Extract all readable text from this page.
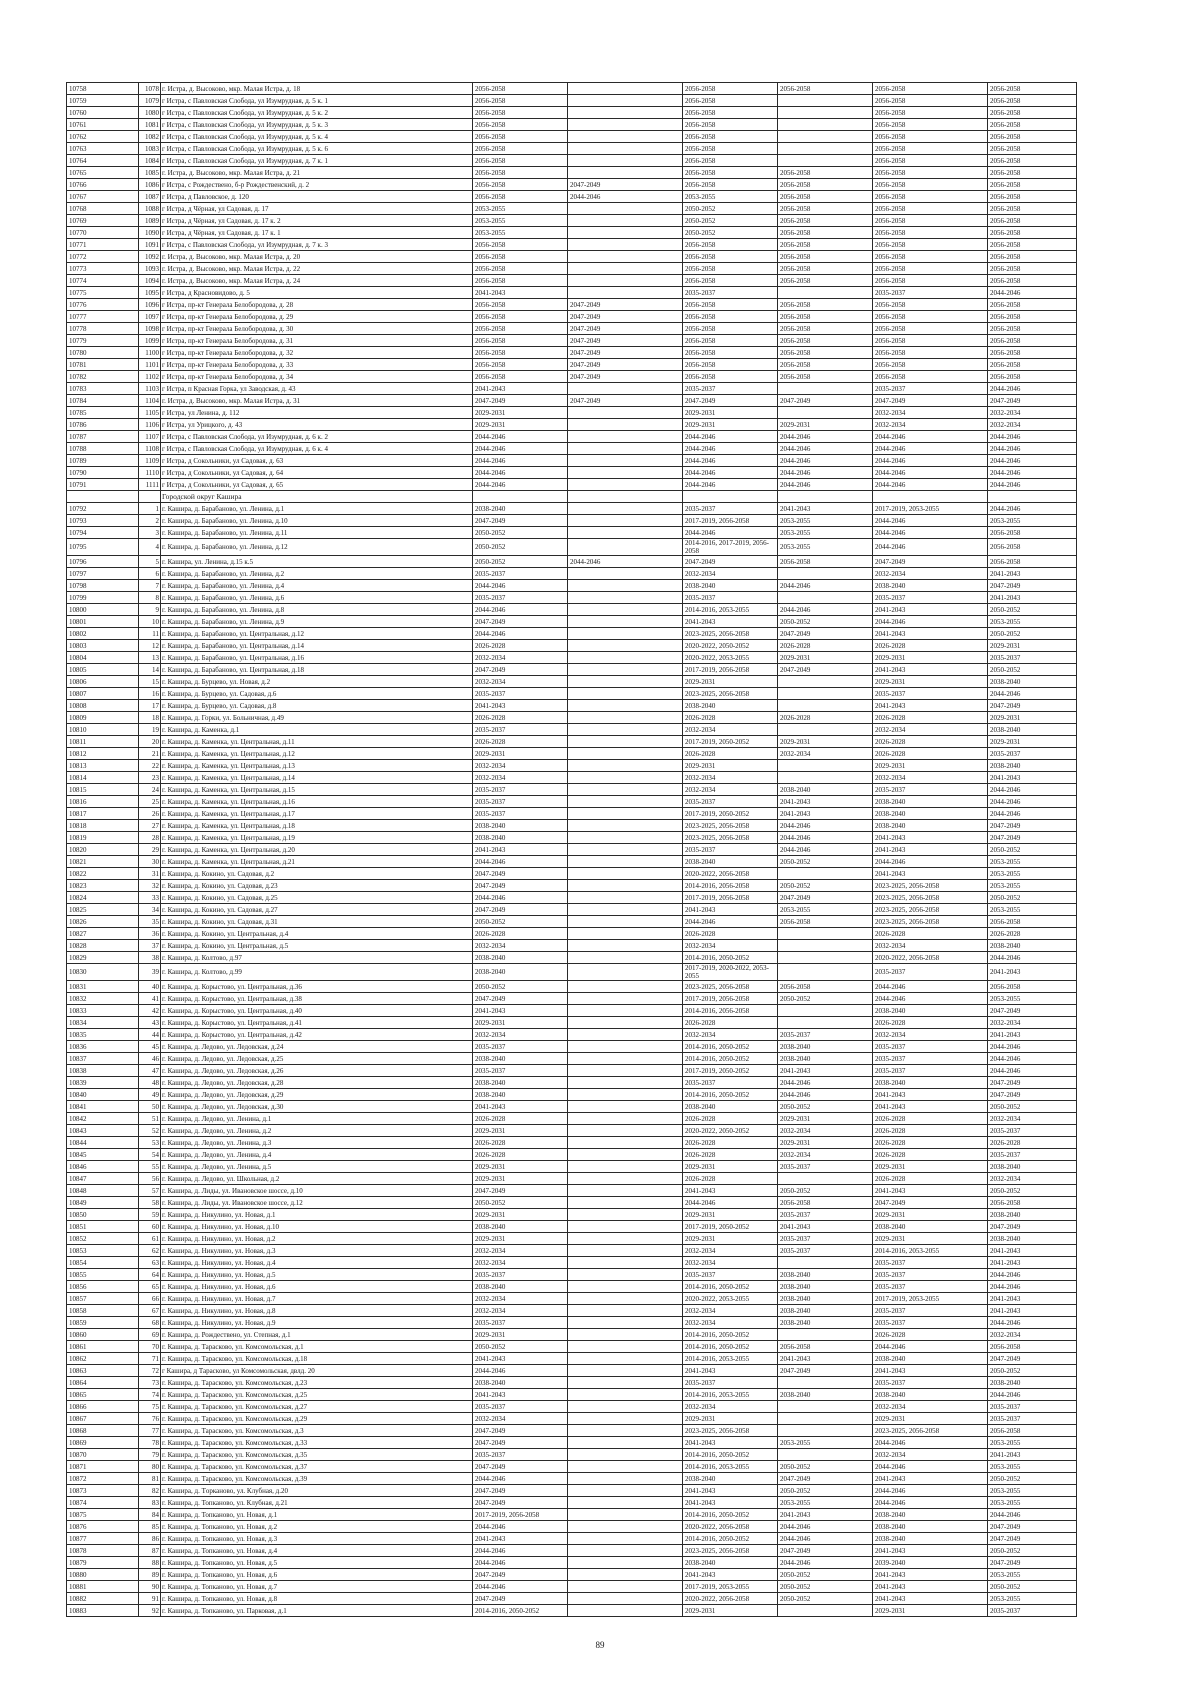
10758	1078	г. Истра, д. Высоково, мкр. Малая Истра, д. 18	2056-2058		2056-2058	2056-2058	2056-2058	2056-2058
10759	1079	г Истра, с Павловская Слобода, ул Изумрудная, д. 5 к. 1	2056-2058		2056-2058		2056-2058	2056-2058
10760	1080	г Истра, с Павловская Слобода, ул Изумрудная, д. 5 к. 2	2056-2058		2056-2058		2056-2058	2056-2058
10761	1081	г Истра, с Павловская Слобода, ул Изумрудная, д. 5 к. 3	2056-2058		2056-2058		2056-2058	2056-2058
10762	1082	г Истра, с Павловская Слобода, ул Изумрудная, д. 5 к. 4	2056-2058		2056-2058		2056-2058	2056-2058
10763	1083	г Истра, с Павловская Слобода, ул Изумрудная, д. 5 к. 6	2056-2058		2056-2058		2056-2058	2056-2058
10764	1084	г Истра, с Павловская Слобода, ул Изумрудная, д. 7 к. 1	2056-2058		2056-2058		2056-2058	2056-2058
10765	1085	г. Истра, д. Высоково, мкр. Малая Истра, д. 21	2056-2058		2056-2058	2056-2058	2056-2058	2056-2058
10766	1086	г Истра, с Рождествено, б-р Рождественский, д. 2	2056-2058	2047-2049	2056-2058	2056-2058	2056-2058	2056-2058
10767	1087	г Истра, д Павловское, д. 120	2056-2058	2044-2046	2053-2055	2056-2058	2056-2058	2056-2058
10768	1088	г Истра, д Чёрная, ул Садовая, д. 17	2053-2055		2050-2052	2056-2058	2056-2058	2056-2058
10769	1089	г Истра, д Чёрная, ул Садовая, д. 17 к. 2	2053-2055		2050-2052	2056-2058	2056-2058	2056-2058
10770	1090	г Истра, д Чёрная, ул Садовая, д. 17 к. 1	2053-2055		2050-2052	2056-2058	2056-2058	2056-2058
10771	1091	г Истра, с Павловская Слобода, ул Изумрудная, д. 7 к. 3	2056-2058		2056-2058	2056-2058	2056-2058	2056-2058
10772	1092	г. Истра, д. Высоково, мкр. Малая Истра, д. 20	2056-2058		2056-2058	2056-2058	2056-2058	2056-2058
10773	1093	г. Истра, д. Высоково, мкр. Малая Истра, д. 22	2056-2058		2056-2058	2056-2058	2056-2058	2056-2058
10774	1094	г. Истра, д. Высоково, мкр. Малая Истра, д. 24	2056-2058		2056-2058	2056-2058	2056-2058	2056-2058
10775	1095	г Истра, д Красновидово, д. 5	2041-2043		2035-2037		2035-2037	2044-2046
10776	1096	г Истра, пр-кт Генерала Белобородова, д. 28	2056-2058	2047-2049	2056-2058	2056-2058	2056-2058	2056-2058
10777	1097	г Истра, пр-кт Генерала Белобородова, д. 29	2056-2058	2047-2049	2056-2058	2056-2058	2056-2058	2056-2058
10778	1098	г Истра, пр-кт Генерала Белобородова, д. 30	2056-2058	2047-2049	2056-2058	2056-2058	2056-2058	2056-2058
10779	1099	г Истра, пр-кт Генерала Белобородова, д. 31	2056-2058	2047-2049	2056-2058	2056-2058	2056-2058	2056-2058
10780	1100	г Истра, пр-кт Генерала Белобородова, д. 32	2056-2058	2047-2049	2056-2058	2056-2058	2056-2058	2056-2058
10781	1101	г Истра, пр-кт Генерала Белобородова, д. 33	2056-2058	2047-2049	2056-2058	2056-2058	2056-2058	2056-2058
10782	1102	г Истра, пр-кт Генерала Белобородова, д. 34	2056-2058	2047-2049	2056-2058	2056-2058	2056-2058	2056-2058
10783	1103	г Истра, п Красная Горка, ул Заводская, д. 43	2041-2043		2035-2037		2035-2037	2044-2046
10784	1104	г. Истра, д. Высоково, мкр. Малая Истра, д. 31	2047-2049	2047-2049	2047-2049	2047-2049	2047-2049	2047-2049
10785	1105	г Истра, ул Ленина, д. 112	2029-2031		2029-2031		2032-2034	2032-2034
10786	1106	г Истра, ул Урицкого, д. 43	2029-2031		2029-2031	2029-2031	2032-2034	2032-2034
10787	1107	г Истра, с Павловская Слобода, ул Изумрудная, д. 6 к. 2	2044-2046		2044-2046	2044-2046	2044-2046	2044-2046
10788	1108	г Истра, с Павловская Слобода, ул Изумрудная, д. 6 к. 4	2044-2046		2044-2046	2044-2046	2044-2046	2044-2046
10789	1109	г Истра, д Сокольники, ул Садовая, д. 63	2044-2046		2044-2046	2044-2046	2044-2046	2044-2046
10790	1110	г Истра, д Сокольники, ул Садовая, д. 64	2044-2046		2044-2046	2044-2046	2044-2046	2044-2046
10791	1111	г Истра, д Сокольники, ул Садовая, д. 65	2044-2046		2044-2046	2044-2046	2044-2046	2044-2046
		Городской округ Кашира						
10792	1	г. Кашира, д. Барабаново, ул. Ленина, д.1	2038-2040		2035-2037	2041-2043	2017-2019, 2053-2055	2044-2046
10793	2	г. Кашира, д. Барабаново, ул. Ленина, д.10	2047-2049		2017-2019, 2056-2058	2053-2055	2044-2046	2053-2055
10794	3	г. Кашира, д. Барабаново, ул. Ленина, д.11	2050-2052		2044-2046	2053-2055	2044-2046	2056-2058
10795	4	г. Кашира, д. Барабаново, ул. Ленина, д.12	2050-2052		2014-2016, 2017-2019, 2056-2058	2053-2055	2044-2046	2056-2058
10796	5	г. Кашира, ул. Ленина, д.15 к.5	2050-2052	2044-2046	2047-2049	2056-2058	2047-2049	2056-2058
10797	6	г. Кашира, д. Барабаново, ул. Ленина, д.2	2035-2037		2032-2034		2032-2034	2041-2043
10798	7	г. Кашира, д. Барабаново, ул. Ленина, д.4	2044-2046		2038-2040	2044-2046	2038-2040	2047-2049
10799	8	г. Кашира, д. Барабаново, ул. Ленина, д.6	2035-2037		2035-2037		2035-2037	2041-2043
10800	9	г. Кашира, д. Барабаново, ул. Ленина, д.8	2044-2046		2014-2016, 2053-2055	2044-2046	2041-2043	2050-2052
10801	10	г. Кашира, д. Барабаново, ул. Ленина, д.9	2047-2049		2041-2043	2050-2052	2044-2046	2053-2055
10802	11	г. Кашира, д. Барабаново, ул. Центральная, д.12	2044-2046		2023-2025, 2056-2058	2047-2049	2041-2043	2050-2052
10803	12	г. Кашира, д. Барабаново, ул. Центральная, д.14	2026-2028		2020-2022, 2050-2052	2026-2028	2026-2028	2029-2031
10804	13	г. Кашира, д. Барабаново, ул. Центральная, д.16	2032-2034		2020-2022, 2053-2055	2029-2031	2029-2031	2035-2037
10805	14	г. Кашира, д. Барабаново, ул. Центральная, д.18	2047-2049		2017-2019, 2056-2058	2047-2049	2041-2043	2050-2052
10806	15	г. Кашира, д. Бурцево, ул. Новая, д.2	2032-2034		2029-2031		2029-2031	2038-2040
10807	16	г. Кашира, д. Бурцево, ул. Садовая, д.6	2035-2037		2023-2025, 2056-2058		2035-2037	2044-2046
10808	17	г. Кашира, д. Бурцево, ул. Садовая, д.8	2041-2043		2038-2040		2041-2043	2047-2049
10809	18	г. Кашира, д. Горки, ул. Больничная, д.49	2026-2028		2026-2028	2026-2028	2026-2028	2029-2031
10810	19	г. Кашира, д. Каменка, д.1	2035-2037		2032-2034		2032-2034	2038-2040
10811	20	г. Кашира, д. Каменка, ул. Центральная, д.11	2026-2028		2017-2019, 2050-2052	2029-2031	2026-2028	2029-2031
10812	21	г. Кашира, д. Каменка, ул. Центральная, д.12	2029-2031		2026-2028	2032-2034	2026-2028	2035-2037
10813	22	г. Кашира, д. Каменка, ул. Центральная, д.13	2032-2034		2029-2031		2029-2031	2038-2040
10814	23	г. Кашира, д. Каменка, ул. Центральная, д.14	2032-2034		2032-2034		2032-2034	2041-2043
10815	24	г. Кашира, д. Каменка, ул. Центральная, д.15	2035-2037		2032-2034	2038-2040	2035-2037	2044-2046
10816	25	г. Кашира, д. Каменка, ул. Центральная, д.16	2035-2037		2035-2037	2041-2043	2038-2040	2044-2046
10817	26	г. Кашира, д. Каменка, ул. Центральная, д.17	2035-2037		2017-2019, 2050-2052	2041-2043	2038-2040	2044-2046
10818	27	г. Кашира, д. Каменка, ул. Центральная, д.18	2038-2040		2023-2025, 2056-2058	2044-2046	2038-2040	2047-2049
10819	28	г. Кашира, д. Каменка, ул. Центральная, д.19	2038-2040		2023-2025, 2056-2058	2044-2046	2041-2043	2047-2049
10820	29	г. Кашира, д. Каменка, ул. Центральная, д.20	2041-2043		2035-2037	2044-2046	2041-2043	2050-2052
10821	30	г. Кашира, д. Каменка, ул. Центральная, д.21	2044-2046		2038-2040	2050-2052	2044-2046	2053-2055
10822	31	г. Кашира, д. Кокино, ул. Садовая, д.2	2047-2049		2020-2022, 2056-2058		2041-2043	2053-2055
10823	32	г. Кашира, д. Кокино, ул. Садовая, д.23	2047-2049		2014-2016, 2056-2058	2050-2052	2023-2025, 2056-2058	2053-2055
10824	33	г. Кашира, д. Кокино, ул. Садовая, д.25	2044-2046		2017-2019, 2056-2058	2047-2049	2023-2025, 2056-2058	2050-2052
10825	34	г. Кашира, д. Кокино, ул. Садовая, д.27	2047-2049		2041-2043	2053-2055	2023-2025, 2056-2058	2053-2055
10826	35	г. Кашира, д. Кокино, ул. Садовая, д.31	2050-2052		2044-2046	2056-2058	2023-2025, 2056-2058	2056-2058
10827	36	г. Кашира, д. Кокино, ул. Центральная, д.4	2026-2028		2026-2028		2026-2028	2026-2028
10828	37	г. Кашира, д. Кокино, ул. Центральная, д.5	2032-2034		2032-2034		2032-2034	2038-2040
10829	38	г. Кашира, д. Колтово, д.97	2038-2040		2014-2016, 2050-2052		2020-2022, 2056-2058	2044-2046
10830	39	г. Кашира, д. Колтово, д.99	2038-2040		2017-2019, 2020-2022, 2053-2055		2035-2037	2041-2043
10831	40	г. Кашира, д. Корыстово, ул. Центральная, д.36	2050-2052		2023-2025, 2056-2058	2056-2058	2044-2046	2056-2058
10832	41	г. Кашира, д. Корыстово, ул. Центральная, д.38	2047-2049		2017-2019, 2056-2058	2050-2052	2044-2046	2053-2055
10833	42	г. Кашира, д. Корыстово, ул. Центральная, д.40	2041-2043		2014-2016, 2056-2058		2038-2040	2047-2049
10834	43	г. Кашира, д. Корыстово, ул. Центральная, д.41	2029-2031		2026-2028		2026-2028	2032-2034
10835	44	г. Кашира, д. Корыстово, ул. Центральная, д.42	2032-2034		2032-2034	2035-2037	2032-2034	2041-2043
10836	45	г. Кашира, д. Ледово, ул. Ледовская, д.24	2035-2037		2014-2016, 2050-2052	2038-2040	2035-2037	2044-2046
10837	46	г. Кашира, д. Ледово, ул. Ледовская, д.25	2038-2040		2014-2016, 2050-2052	2038-2040	2035-2037	2044-2046
10838	47	г. Кашира, д. Ледово, ул. Ледовская, д.26	2035-2037		2017-2019, 2050-2052	2041-2043	2035-2037	2044-2046
10839	48	г. Кашира, д. Ледово, ул. Ледовская, д.28	2038-2040		2035-2037	2044-2046	2038-2040	2047-2049
10840	49	г. Кашира, д. Ледово, ул. Ледовская, д.29	2038-2040		2014-2016, 2050-2052	2044-2046	2041-2043	2047-2049
10841	50	г. Кашира, д. Ледово, ул. Ледовская, д.30	2041-2043		2038-2040	2050-2052	2041-2043	2050-2052
10842	51	г. Кашира, д. Ледово, ул. Ленина, д.1	2026-2028		2026-2028	2029-2031	2026-2028	2032-2034
10843	52	г. Кашира, д. Ледово, ул. Ленина, д.2	2029-2031		2020-2022, 2050-2052	2032-2034	2026-2028	2035-2037
10844	53	г. Кашира, д. Ледово, ул. Ленина, д.3	2026-2028		2026-2028	2029-2031	2026-2028	2026-2028
10845	54	г. Кашира, д. Ледово, ул. Ленина, д.4	2026-2028		2026-2028	2032-2034	2026-2028	2035-2037
10846	55	г. Кашира, д. Ледово, ул. Ленина, д.5	2029-2031		2029-2031	2035-2037	2029-2031	2038-2040
10847	56	г. Кашира, д. Ледово, ул. Школьная, д.2	2029-2031		2026-2028		2026-2028	2032-2034
10848	57	г. Кашира, д. Лиды, ул. Ивановское шоссе, д.10	2047-2049		2041-2043	2050-2052	2041-2043	2050-2052
10849	58	г. Кашира, д. Лиды, ул. Ивановское шоссе, д.12	2050-2052		2044-2046	2056-2058	2047-2049	2056-2058
10850	59	г. Кашира, д. Никулино, ул. Новая, д.1	2029-2031		2029-2031	2035-2037	2029-2031	2038-2040
10851	60	г. Кашира, д. Никулино, ул. Новая, д.10	2038-2040		2017-2019, 2050-2052	2041-2043	2038-2040	2047-2049
10852	61	г. Кашира, д. Никулино, ул. Новая, д.2	2029-2031		2029-2031	2035-2037	2029-2031	2038-2040
10853	62	г. Кашира, д. Никулино, ул. Новая, д.3	2032-2034		2032-2034	2035-2037	2014-2016, 2053-2055	2041-2043
10854	63	г. Кашира, д. Никулино, ул. Новая, д.4	2032-2034		2032-2034		2035-2037	2041-2043
10855	64	г. Кашира, д. Никулино, ул. Новая, д.5	2035-2037		2035-2037	2038-2040	2035-2037	2044-2046
10856	65	г. Кашира, д. Никулино, ул. Новая, д.6	2038-2040		2014-2016, 2050-2052	2038-2040	2035-2037	2044-2046
10857	66	г. Кашира, д. Никулино, ул. Новая, д.7	2032-2034		2020-2022, 2053-2055	2038-2040	2017-2019, 2053-2055	2041-2043
10858	67	г. Кашира, д. Никулино, ул. Новая, д.8	2032-2034		2032-2034	2038-2040	2035-2037	2041-2043
10859	68	г. Кашира, д. Никулино, ул. Новая, д.9	2035-2037		2032-2034	2038-2040	2035-2037	2044-2046
10860	69	г. Кашира, д. Рождествено, ул. Степная, д.1	2029-2031		2014-2016, 2050-2052		2026-2028	2032-2034
10861	70	г. Кашира, д. Тарасково, ул. Комсомольская, д.1	2050-2052		2014-2016, 2050-2052	2056-2058	2044-2046	2056-2058
10862	71	г. Кашира, д. Тарасково, ул. Комсомольская, д.18	2041-2043		2014-2016, 2053-2055	2041-2043	2038-2040	2047-2049
10863	72	г Кашира, д Тарасково, ул Комсомольская, двлд. 20	2044-2046		2041-2043	2047-2049	2041-2043	2050-2052
10864	73	г. Кашира, д. Тарасково, ул. Комсомольская, д.23	2038-2040		2035-2037		2035-2037	2038-2040
10865	74	г. Кашира, д. Тарасково, ул. Комсомольская, д.25	2041-2043		2014-2016, 2053-2055	2038-2040	2038-2040	2044-2046
10866	75	г. Кашира, д. Тарасково, ул. Комсомольская, д.27	2035-2037		2032-2034		2032-2034	2035-2037
10867	76	г. Кашира, д. Тарасково, ул. Комсомольская, д.29	2032-2034		2029-2031		2029-2031	2035-2037
10868	77	г. Кашира, д. Тарасково, ул. Комсомольская, д.3	2047-2049		2023-2025, 2056-2058		2023-2025, 2056-2058	2056-2058
10869	78	г. Кашира, д. Тарасково, ул. Комсомольская, д.33	2047-2049		2041-2043	2053-2055	2044-2046	2053-2055
10870	79	г. Кашира, д. Тарасково, ул. Комсомольская, д.35	2035-2037		2014-2016, 2050-2052		2032-2034	2041-2043
10871	80	г. Кашира, д. Тарасково, ул. Комсомольская, д.37	2047-2049		2014-2016, 2053-2055	2050-2052	2044-2046	2053-2055
10872	81	г. Кашира, д. Тарасково, ул. Комсомольская, д.39	2044-2046		2038-2040	2047-2049	2041-2043	2050-2052
10873	82	г. Кашира, д. Тopканово, ул. Клубная, д.20	2047-2049		2041-2043	2050-2052	2044-2046	2053-2055
10874	83	г. Кашира, д. Топканово, ул. Клубная, д.21	2047-2049		2041-2043	2053-2055	2044-2046	2053-2055
10875	84	г. Кашира, д. Топканово, ул. Новая, д.1	2017-2019, 2056-2058		2014-2016, 2050-2052	2041-2043	2038-2040	2044-2046
10876	85	г. Кашира, д. Топканово, ул. Новая, д.2	2044-2046		2020-2022, 2056-2058	2044-2046	2038-2040	2047-2049
10877	86	г. Кашира, д. Топканово, ул. Новая, д.3	2041-2043		2014-2016, 2050-2052	2044-2046	2038-2040	2047-2049
10878	87	г. Кашира, д. Топканово, ул. Новая, д.4	2044-2046		2023-2025, 2056-2058	2047-2049	2041-2043	2050-2052
10879	88	г. Кашира, д. Топканово, ул. Новая, д.5	2044-2046		2038-2040	2044-2046	2039-2040	2047-2049
10880	89	г. Кашира, д. Топканово, ул. Новая, д.6	2047-2049		2041-2043	2050-2052	2041-2043	2053-2055
10881	90	г. Кашира, д. Топканово, ул. Новая, д.7	2044-2046		2017-2019, 2053-2055	2050-2052	2041-2043	2050-2052
10882	91	г. Кашира, д. Топканово, ул. Новая, д.8	2047-2049		2020-2022, 2056-2058	2050-2052	2041-2043	2053-2055
10883	92	г. Кашира, д. Топканово, ул. Парковая, д.1	2014-2016, 2050-2052		2029-2031		2029-2031	2035-2037
89
